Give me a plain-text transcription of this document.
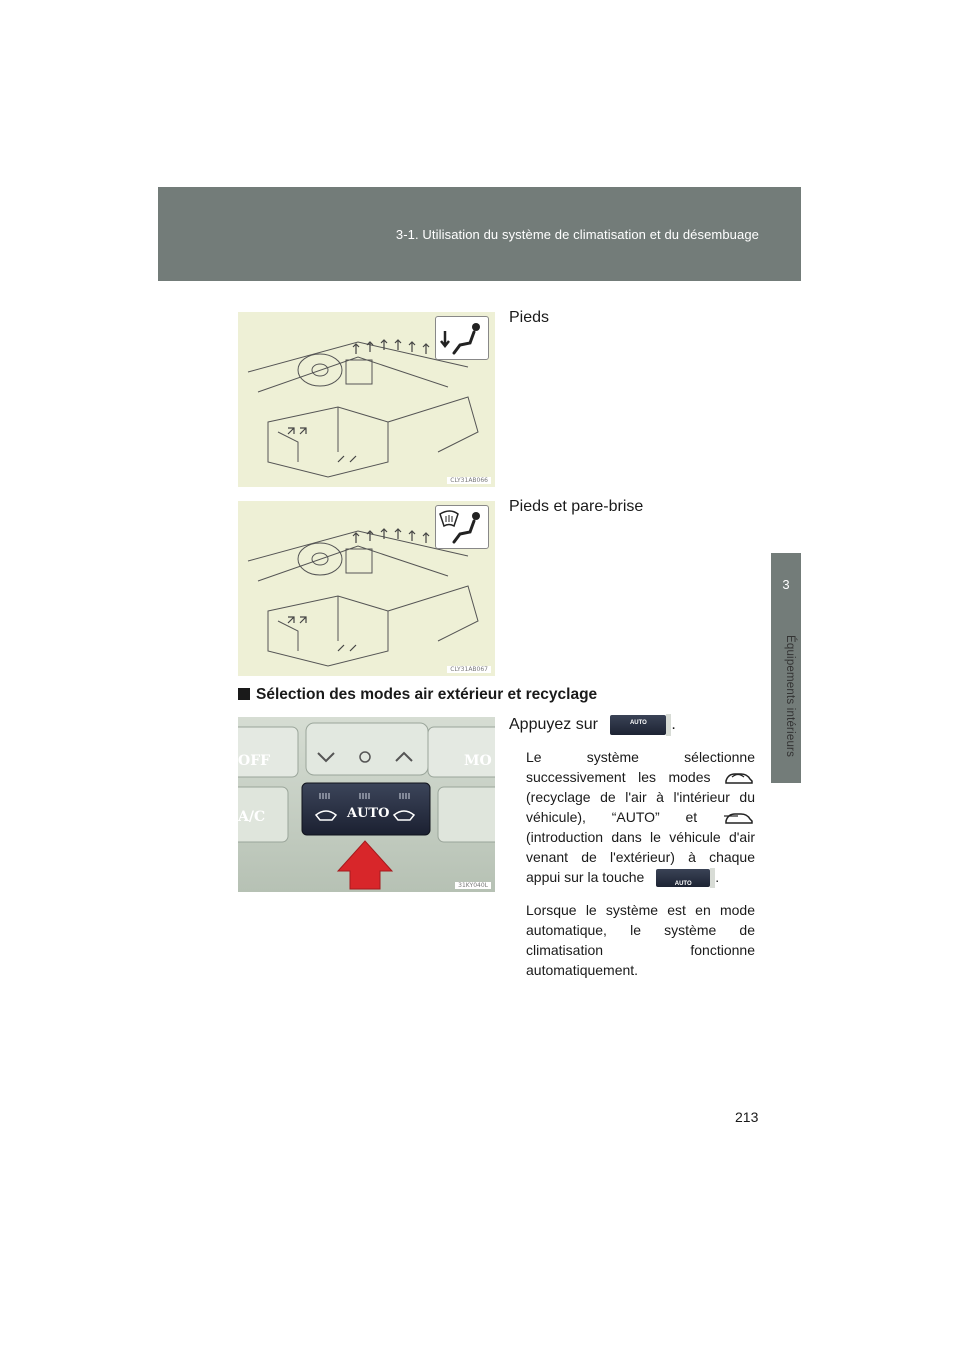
3-1. Utilisation du système de climatisation et du désembuage
3
Équipements intérieurs
CLY31AB066
Pieds
CLY31AB067
Pieds et pare-brise
Sélection des modes air extérieur et recyclage
OFF	MO
A/C	AUTO
31KY040L
Appuyez sur	AUTO	.
Le système sélectionne successivement les modes  (recyclage de l'air à l'intérieur du véhicule), “AUTO” et  (introduction dans le véhicule d'air venant de l'extérieur) à chaque appui sur la touche	AUTO	.
Lorsque le système est en mode automatique, le système de climatisation fonctionne automatiquement.
213
